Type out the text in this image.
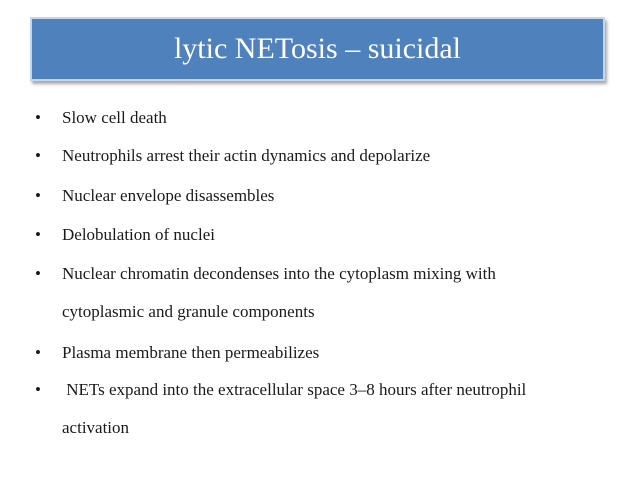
lytic NETosis – suicidal
• Slow cell death
• Neutrophils arrest their actin dynamics and depolarize
• Nuclear envelope disassembles
• Delobulation of nuclei
• Nuclear chromatin decondenses into the cytoplasm mixing with
cytoplasmic and granule components
• Plasma membrane then permeabilizes
• NETs expand into the extracellular space 3–8 hours after neutrophil
activation
